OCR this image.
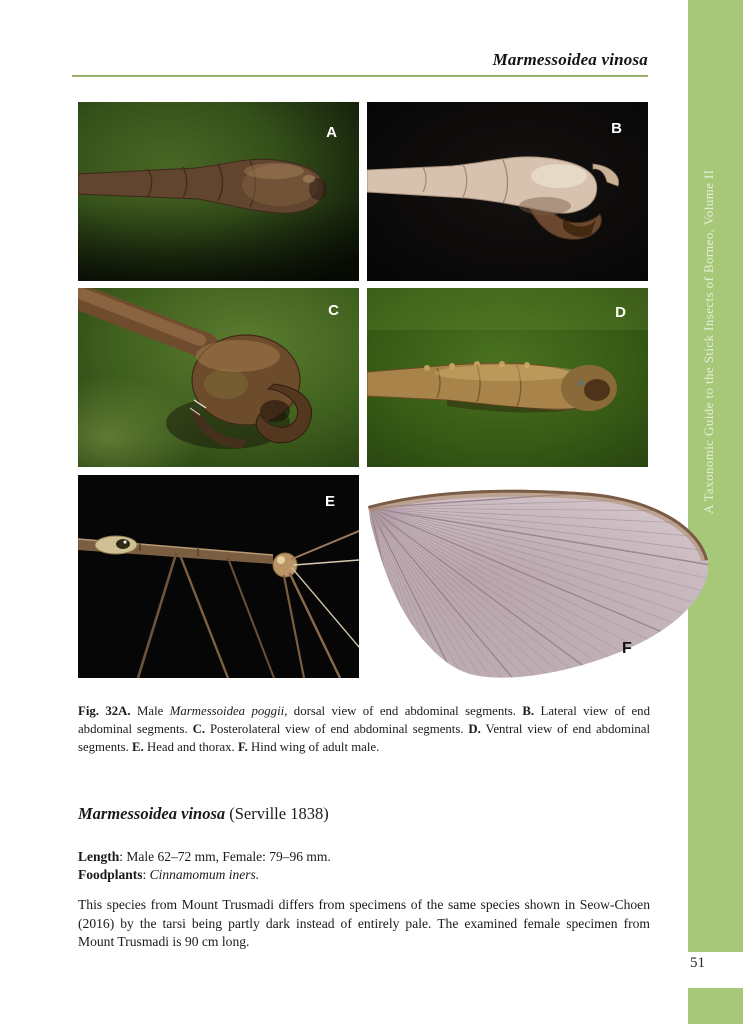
Marmessoidea vinosa
A Taxonomic Guide to the Stick Insects of Borneo, Volume II
51
A	B
C	D
E
F

Fig. 32A. Male Marmessoidea poggii, dorsal view of end abdominal segments. B. Lateral view of end abdominal segments. C. Posterolateral view of end abdominal segments. D. Ventral view of end abdominal segments. E. Head and thorax. F. Hind wing of adult male.

Marmessoidea vinosa (Serville 1838)
Length: Male 62–72 mm, Female: 79–96 mm.
Foodplants: Cinnamomum iners.

This species from Mount Trusmadi differs from specimens of the same species shown in Seow-Choen (2016) by the tarsi being partly dark instead of entirely pale. The examined female specimen from Mount Trusmadi is 90 cm long.
